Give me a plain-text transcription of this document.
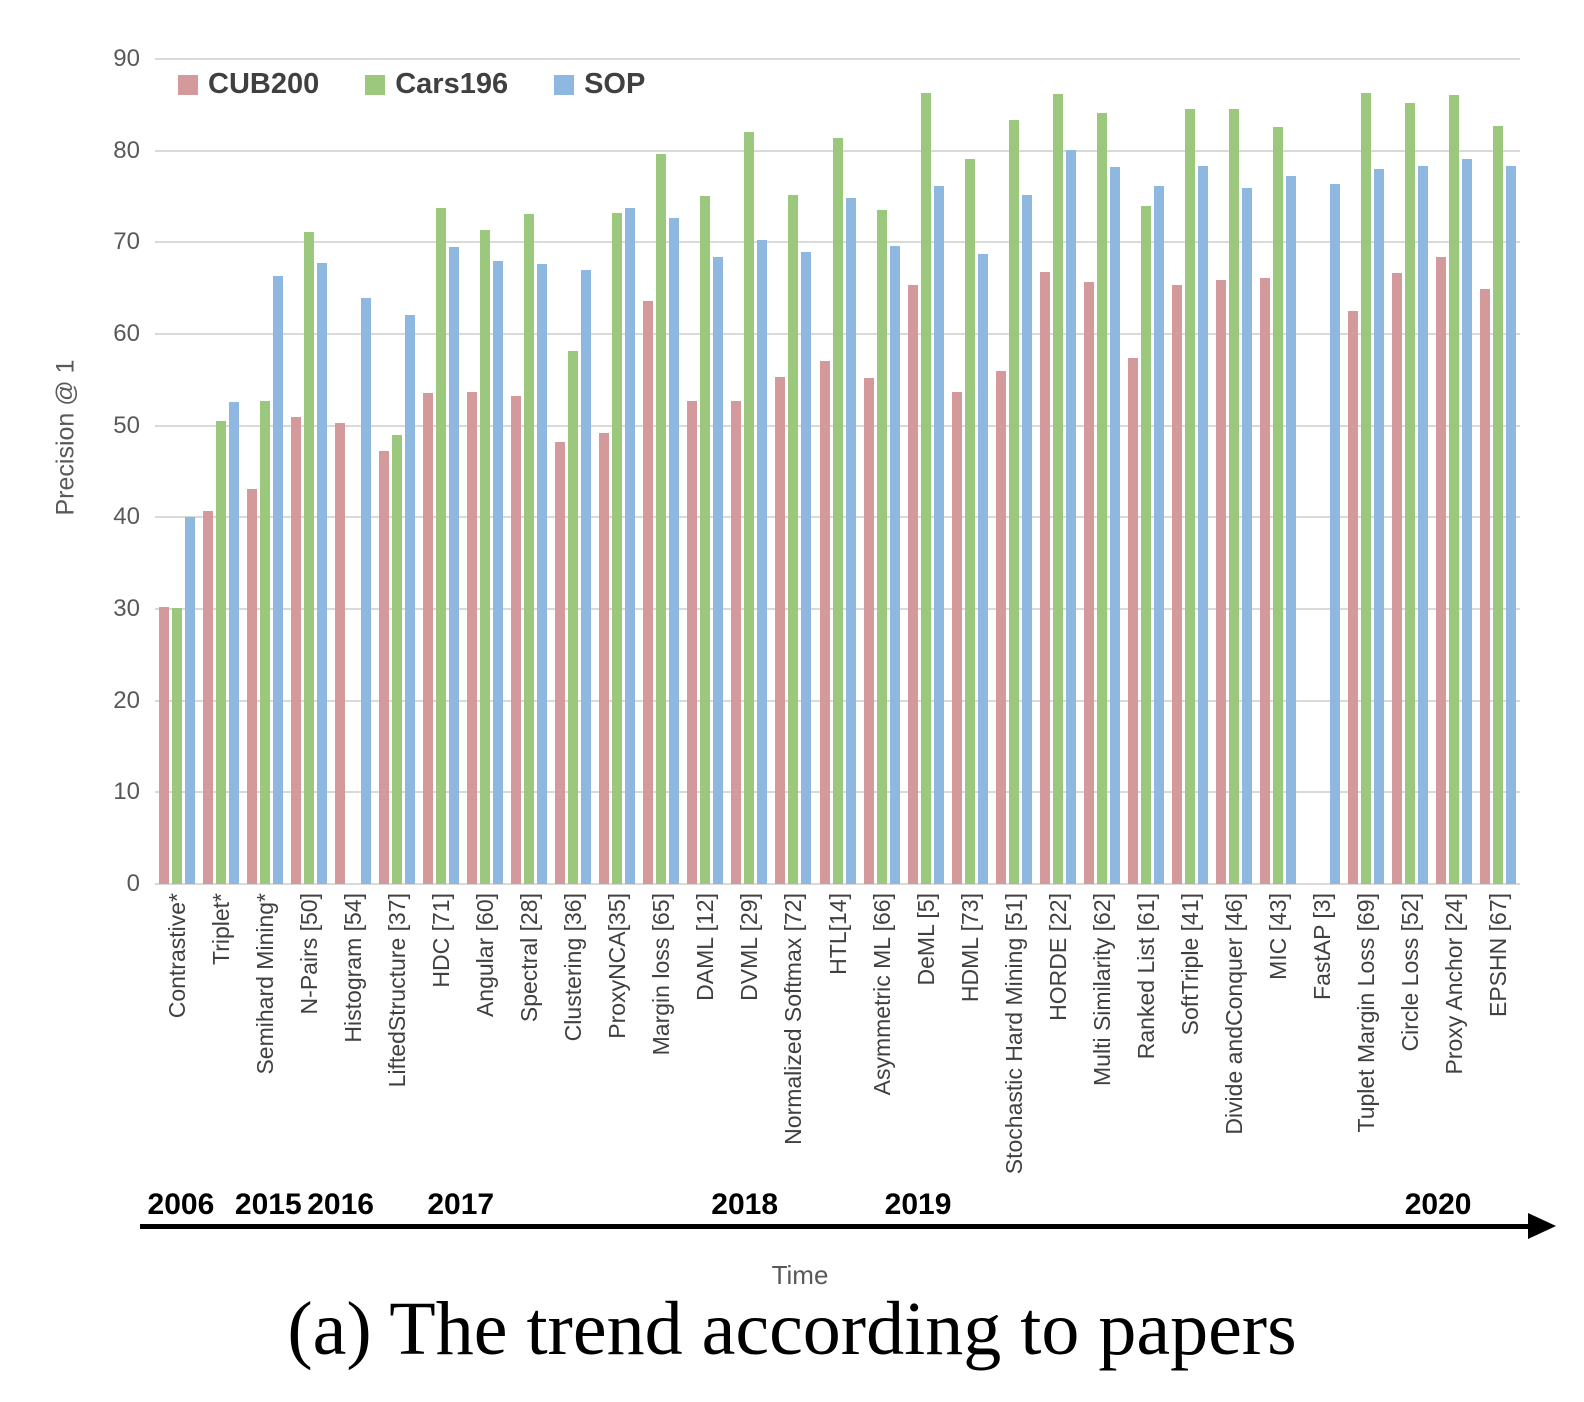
0
10
20
30
40
50
60
70
80
90
Contrastive* Triplet* Semihard Mining* N-Pairs [50] Histogram [54] LiftedStructure [37] HDC [71] Angular [60] Spectral [28] Clustering [36] ProxyNCA[35] Margin loss [65] DAML [12] DVML [29] Normalized Softmax [72] HTL[14] Asymmetric ML [66] DeML [5] HDML [73] Stochastic Hard Mining [51] HORDE [22] Multi Similarity [62] Ranked List [61] SoftTriple [41] Divide andConquer [46] MIC [43] FastAP [3] Tuplet Margin Loss [69] Circle Loss [52] Proxy Anchor [24] EPSHN [67]
Precision @ 1
CUB200	Cars196	SOP
2006 2015 2016 2017	2018	2019	2020
Time
(a) The trend according to papers
